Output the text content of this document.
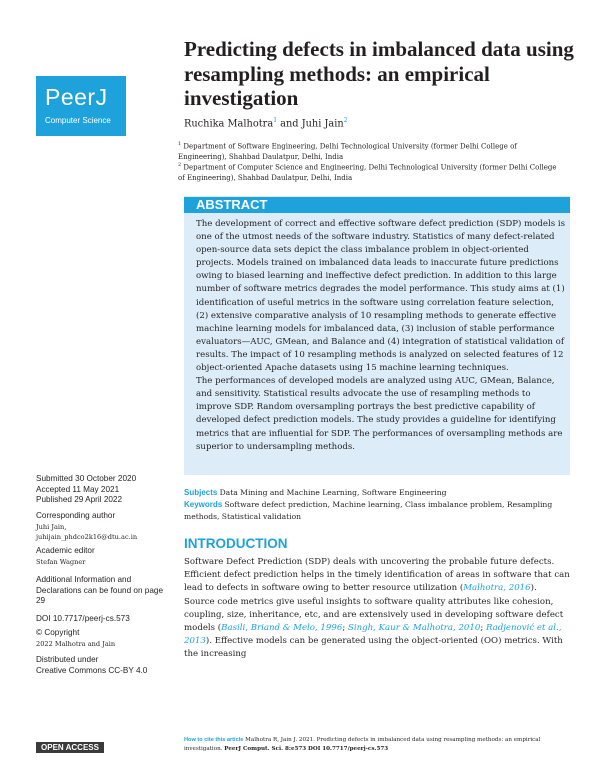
PeerJ
Computer Science
Predicting defects in imbalanced data using resampling methods: an empirical investigation
Ruchika Malhotra$^1$ and Juhi Jain$^2$
$^1$ Department of Software Engineering, Delhi Technological University (former Delhi College of Engineering), Shahbad Daulatpur, Delhi, India
$^2$ Department of Computer Science and Engineering, Delhi Technological University (former Delhi College of Engineering), Shahbad Daulatpur, Delhi, India
ABSTRACT

The development of correct and effective software defect prediction (SDP) models is one of the utmost needs of the software industry. Statistics of many defect-related open-source data sets depict the class imbalance problem in object-oriented projects. Models trained on imbalanced data leads to inaccurate future predictions owing to biased learning and ineffective defect prediction. In addition to this large number of software metrics degrades the model performance. This study aims at (1) identification of useful metrics in the software using correlation feature selection, (2) extensive comparative analysis of 10 resampling methods to generate effective machine learning models for imbalanced data, (3) inclusion of stable performance evaluators—AUC, GMean, and Balance and (4) integration of statistical validation of results. The impact of 10 resampling methods is analyzed on selected features of 12 object-oriented Apache datasets using 15 machine learning techniques.

The performances of developed models are analyzed using AUC, GMean, Balance, and sensitivity. Statistical results advocate the use of resampling methods to improve SDP. Random oversampling portrays the best predictive capability of developed defect prediction models. The study provides a guideline for identifying metrics that are influential for SDP. The performances of oversampling methods are superior to undersampling methods.

Subjects Data Mining and Machine Learning, Software Engineering
Keywords Software defect prediction, Machine learning, Class imbalance problem, Resampling methods, Statistical validation
INTRODUCTION

Software Defect Prediction (SDP) deals with uncovering the probable future defects. Efficient defect prediction helps in the timely identification of areas in software that can lead to defects in software owing to better resource utilization (Malhotra, 2016). Source code metrics give useful insights to software quality attributes like cohesion, coupling, size, inheritance, etc, and are extensively used in developing software defect models (Basili, Briand & Melo, 1996; Singh, Kaur & Malhotra, 2010; Radjenović et al., 2013). Effective models can be generated using the object-oriented (OO) metrics. With the increasing

Submitted 30 October 2020
Accepted 11 May 2021
Published 29 April 2022
Corresponding author
Juhi Jain,
juhijain_phdco2k16@dtu.ac.in
Academic editor
Stefan Wagner
Additional Information and Declarations can be found on page 29
DOI 10.7717/peerj-cs.573
© Copyright
2022 Malhotra and Jain
Distributed under
Creative Commons CC-BY 4.0
OPEN ACCESS
How to cite this article Malhotra R, Jain J. 2021. Predicting defects in imbalanced data using resampling methods: an empirical investigation. PeerJ Comput. Sci. 8:e573 DOI 10.7717/peerj-cs.573
